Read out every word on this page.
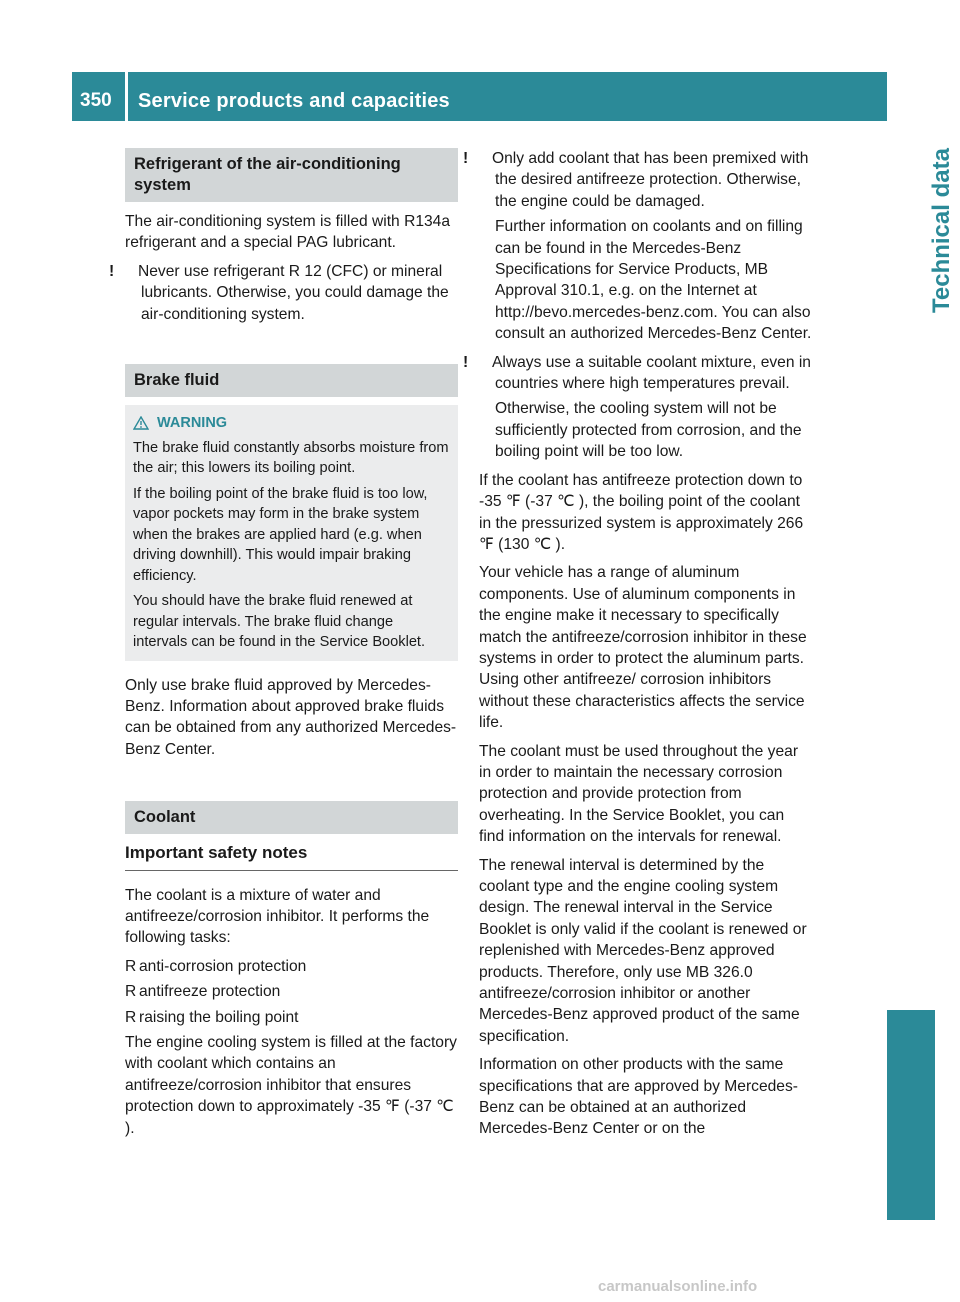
350 Service products and capacities
Technical data
Refrigerant of the air-conditioning system

The air-conditioning system is filled with R134a refrigerant and a special PAG lubricant.

! Never use refrigerant R 12 (CFC) or mineral lubricants. Otherwise, you could damage the air-conditioning system.

Brake fluid
WARNING

The brake fluid constantly absorbs moisture from the air; this lowers its boiling point.

If the boiling point of the brake fluid is too low, vapor pockets may form in the brake system when the brakes are applied hard (e.g. when driving downhill). This would impair braking efficiency.

You should have the brake fluid renewed at regular intervals. The brake fluid change intervals can be found in the Service Booklet.

Only use brake fluid approved by Mercedes-Benz. Information about approved brake fluids can be obtained from any authorized Mercedes-Benz Center.

Coolant
Important safety notes

The coolant is a mixture of water and antifreeze/corrosion inhibitor. It performs the following tasks:

R anti-corrosion protection

R antifreeze protection

R raising the boiling point

The engine cooling system is filled at the factory with coolant which contains an antifreeze/corrosion inhibitor that ensures protection down to approximately -35 ℉ (-37 ℃ ).

! Only add coolant that has been premixed with the desired antifreeze protection. Otherwise, the engine could be damaged.

Further information on coolants and on filling can be found in the Mercedes-Benz Specifications for Service Products, MB Approval 310.1, e.g. on the Internet at http://bevo.mercedes-benz.com. You can also consult an authorized Mercedes-Benz Center.

! Always use a suitable coolant mixture, even in countries where high temperatures prevail.

Otherwise, the cooling system will not be sufficiently protected from corrosion, and the boiling point will be too low.

If the coolant has antifreeze protection down to -35 ℉ (-37 ℃ ), the boiling point of the coolant in the pressurized system is approximately 266 ℉ (130 ℃ ).

Your vehicle has a range of aluminum components. Use of aluminum components in the engine make it necessary to specifically match the antifreeze/corrosion inhibitor in these systems in order to protect the aluminum parts. Using other antifreeze/ corrosion inhibitors without these characteristics affects the service life.

The coolant must be used throughout the year in order to maintain the necessary corrosion protection and provide protection from overheating. In the Service Booklet, you can find information on the intervals for renewal.

The renewal interval is determined by the coolant type and the engine cooling system design. The renewal interval in the Service Booklet is only valid if the coolant is renewed or replenished with Mercedes-Benz approved products. Therefore, only use MB 326.0 antifreeze/corrosion inhibitor or another Mercedes-Benz approved product of the same specification.

Information on other products with the same specifications that are approved by Mercedes-Benz can be obtained at an authorized Mercedes-Benz Center or on the

carmanualsonline.info
